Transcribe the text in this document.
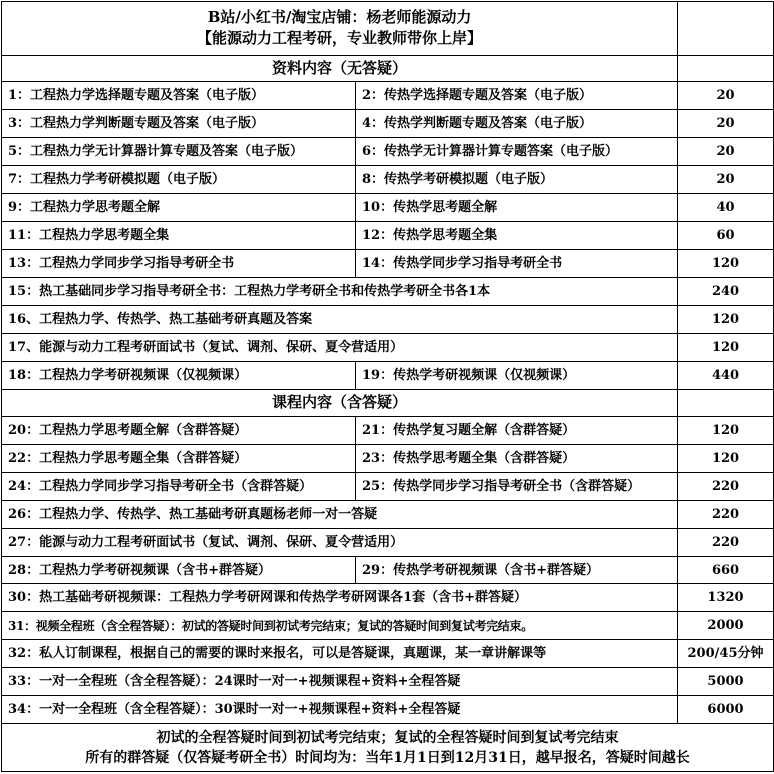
B站/小红书/淘宝店铺：杨老师能源动力
【能源动力工程考研，专业教师带你上岸】		

资料内容（无答疑）		
1：工程热力学选择题专题及答案（电子版）	2：传热学选择题专题及答案（电子版）	20
3：工程热力学判断题专题及答案（电子版）	4：传热学判断题专题及答案（电子版）	20
5：工程热力学无计算器计算专题及答案（电子版）	6：传热学无计算器计算专题答案（电子版）	20
7：工程热力学考研模拟题（电子版）	8：传热学考研模拟题（电子版）	20
9：工程热力学思考题全解	10：传热学思考题全解	40
11：工程热力学思考题全集	12：传热学思考题全集	60
13：工程热力学同步学习指导考研全书	14：传热学同步学习指导考研全书	120
15：热工基础同步学习指导考研全书：工程热力学考研全书和传热学考研全书各1本		240
16、工程热力学、传热学、热工基础考研真题及答案		120
17、能源与动力工程考研面试书（复试、调剂、保研、夏令营适用）		120
18：工程热力学考研视频课（仅视频课）	19：传热学考研视频课（仅视频课）	440
课程内容（含答疑）		
20：工程热力学思考题全解（含群答疑）	21：传热学复习题全解（含群答疑）	120
22：工程热力学思考题全集（含群答疑）	23：传热学思考题全集（含群答疑）	120
24：工程热力学同步学习指导考研全书（含群答疑）	25：传热学同步学习指导考研全书（含群答疑）	220
26：工程热力学、传热学、热工基础考研真题杨老师一对一答疑		220
27：能源与动力工程考研面试书（复试、调剂、保研、夏令营适用）		220
28：工程热力学考研视频课（含书+群答疑）	29：传热学考研视频课（含书+群答疑）	660
30：热工基础考研视频课：工程热力学考研网课和传热学考研网课各1套（含书+群答疑）		1320
31：视频全程班（含全程答疑）：初试的答疑时间到初试考完结束；复试的答疑时间到复试考完结束。		2000
32：私人订制课程，根据自己的需要的课时来报名，可以是答疑课，真题课，某一章讲解课等		200/45分钟
33：一对一全程班（含全程答疑）：24课时一对一+视频课程+资料+全程答疑		5000
34：一对一全程班（含全程答疑）：30课时一对一+视频课程+资料+全程答疑		6000

初试的全程答疑时间到初试考完结束；复试的全程答疑时间到复试考完结束
所有的群答疑（仅答疑考研全书）时间均为：当年1月1日到12月31日，越早报名，答疑时间越长		
